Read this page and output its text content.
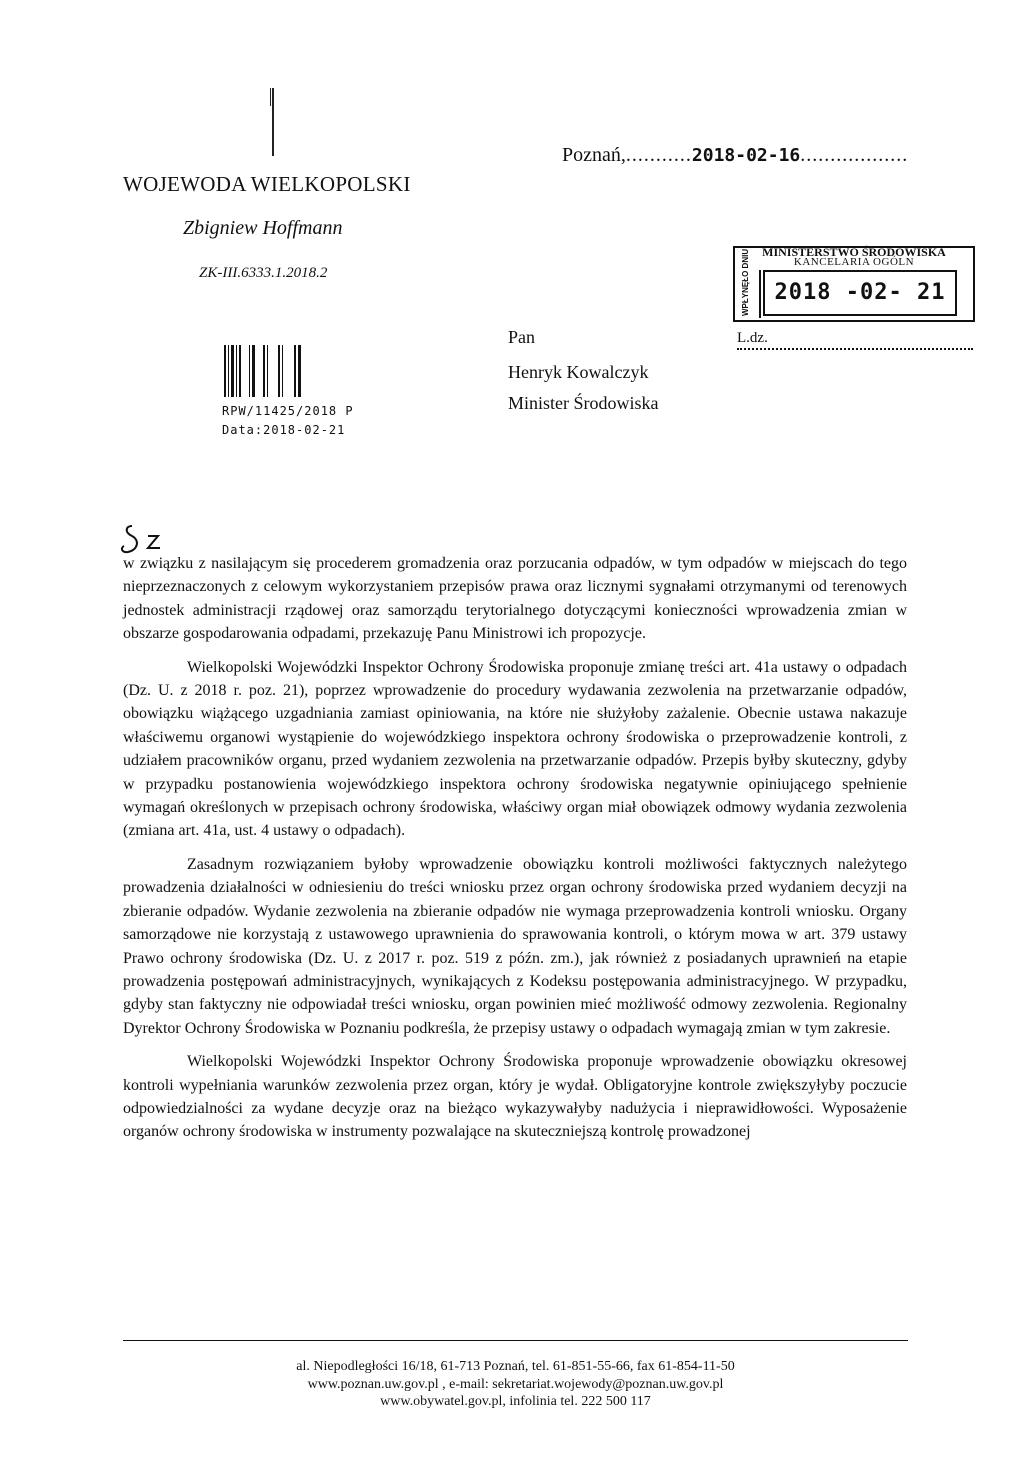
WOJEWODA WIELKOPOLSKI
Zbigniew Hoffmann
ZK-III.6333.1.2018.2
Poznań,...........2018-02-16..................
RPW/11425/2018 P
Data:2018-02-21
MINISTERSTWO ŚRODOWISKA
KANCELARIA OGÓLN
WPŁYNĘŁO DNIU	2018 -02- 21
L.dz.
Pan
Henryk Kowalczyk
Minister Środowiska

w związku z nasilającym się procederem gromadzenia oraz porzucania odpadów, w tym odpadów w miejscach do tego nieprzeznaczonych z celowym wykorzystaniem przepisów prawa oraz licznymi sygnałami otrzymanymi od terenowych jednostek administracji rządowej oraz samorządu terytorialnego dotyczącymi konieczności wprowadzenia zmian w obszarze gospodarowania odpadami, przekazuję Panu Ministrowi ich propozycje.

Wielkopolski Wojewódzki Inspektor Ochrony Środowiska proponuje zmianę treści art. 41a ustawy o odpadach (Dz. U. z 2018 r. poz. 21), poprzez wprowadzenie do procedury wydawania zezwolenia na przetwarzanie odpadów, obowiązku wiążącego uzgadniania zamiast opiniowania, na które nie służyłoby zażalenie. Obecnie ustawa nakazuje właściwemu organowi wystąpienie do wojewódzkiego inspektora ochrony środowiska o przeprowadzenie kontroli, z udziałem pracowników organu, przed wydaniem zezwolenia na przetwarzanie odpadów. Przepis byłby skuteczny, gdyby w przypadku postanowienia wojewódzkiego inspektora ochrony środowiska negatywnie opiniującego spełnienie wymagań określonych w przepisach ochrony środowiska, właściwy organ miał obowiązek odmowy wydania zezwolenia (zmiana art. 41a, ust. 4 ustawy o odpadach).

Zasadnym rozwiązaniem byłoby wprowadzenie obowiązku kontroli możliwości faktycznych należytego prowadzenia działalności w odniesieniu do treści wniosku przez organ ochrony środowiska przed wydaniem decyzji na zbieranie odpadów. Wydanie zezwolenia na zbieranie odpadów nie wymaga przeprowadzenia kontroli wniosku. Organy samorządowe nie korzystają z ustawowego uprawnienia do sprawowania kontroli, o którym mowa w art. 379 ustawy Prawo ochrony środowiska (Dz. U. z 2017 r. poz. 519 z późn. zm.), jak również z posiadanych uprawnień na etapie prowadzenia postępowań administracyjnych, wynikających z Kodeksu postępowania administracyjnego. W przypadku, gdyby stan faktyczny nie odpowiadał treści wniosku, organ powinien mieć możliwość odmowy zezwolenia. Regionalny Dyrektor Ochrony Środowiska w Poznaniu podkreśla, że przepisy ustawy o odpadach wymagają zmian w tym zakresie.

Wielkopolski Wojewódzki Inspektor Ochrony Środowiska proponuje wprowadzenie obowiązku okresowej kontroli wypełniania warunków zezwolenia przez organ, który je wydał. Obligatoryjne kontrole zwiększyłyby poczucie odpowiedzialności za wydane decyzje oraz na bieżąco wykazywałyby nadużycia i nieprawidłowości. Wyposażenie organów ochrony środowiska w instrumenty pozwalające na skuteczniejszą kontrolę prowadzonej

al. Niepodległości 16/18, 61-713 Poznań, tel. 61-851-55-66, fax 61-854-11-50
www.poznan.uw.gov.pl , e-mail: sekretariat.wojewody@poznan.uw.gov.pl
www.obywatel.gov.pl, infolinia tel. 222 500 117
